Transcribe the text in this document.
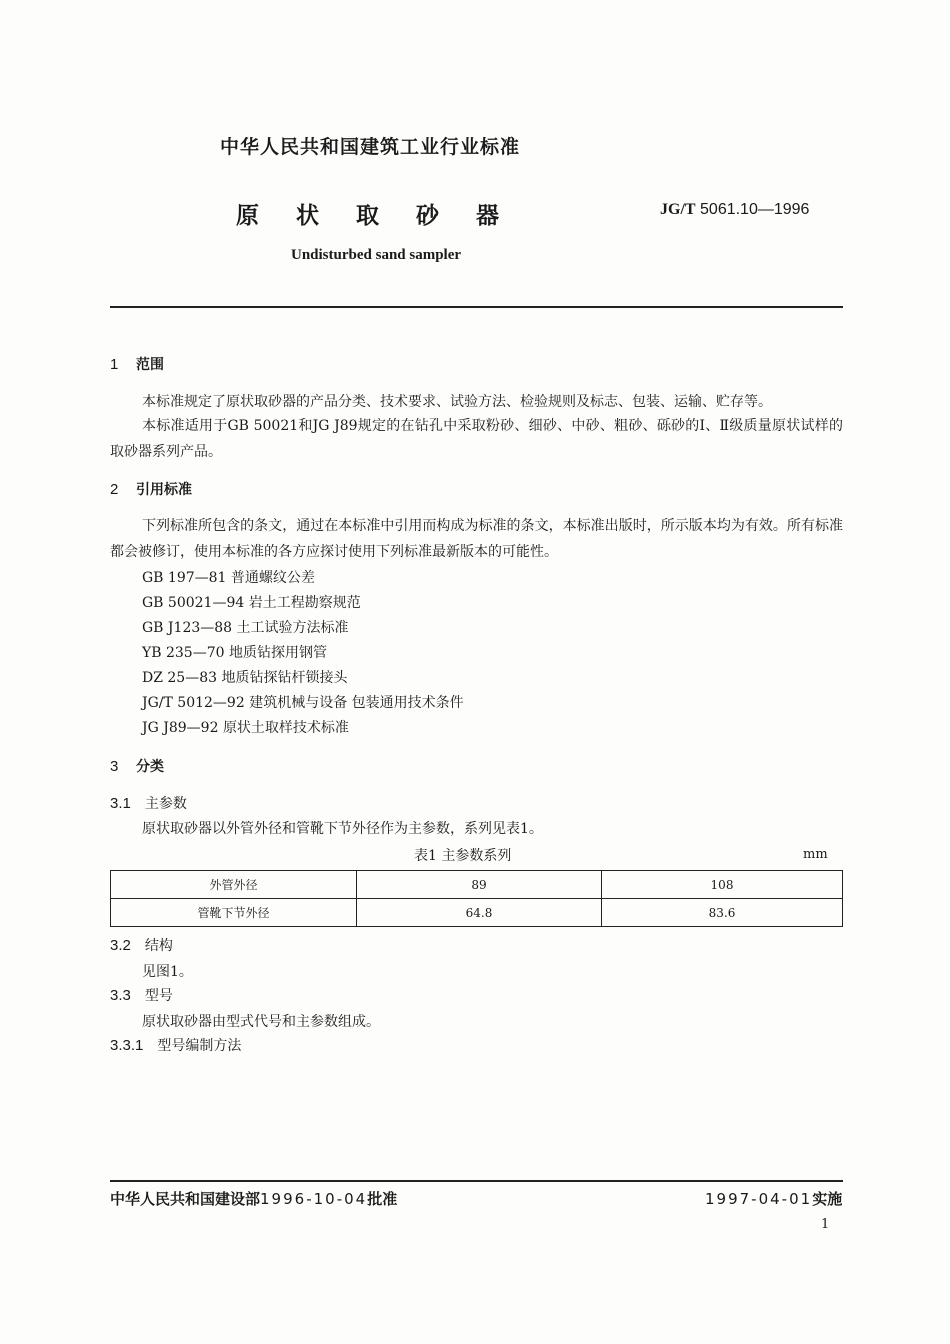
中华人民共和国建筑工业行业标准
原状取砂器	JG/T 5061.10—1996
Undisturbed sand sampler
1 范围
本标准规定了原状取砂器的产品分类、技术要求、试验方法、检验规则及标志、包装、运输、贮存等。
本标准适用于GB 50021和JG J89规定的在钻孔中采取粉砂、细砂、中砂、粗砂、砾砂的Ⅰ、Ⅱ级质量原状试样的取砂器系列产品。
2 引用标准
下列标准所包含的条文，通过在本标准中引用而构成为标准的条文，本标准出版时，所示版本均为有效。所有标准都会被修订，使用本标准的各方应探讨使用下列标准最新版本的可能性。
GB 197—81 普通螺纹公差
GB 50021—94 岩土工程勘察规范
GB J123—88 土工试验方法标准
YB 235—70 地质钻探用钢管
DZ 25—83 地质钻探钻杆锁接头
JG/T 5012—92 建筑机械与设备 包装通用技术条件
JG J89—92 原状土取样技术标准
3 分类
3.1 主参数
原状取砂器以外管外径和管靴下节外径作为主参数，系列见表1。
表1 主参数系列	mm
外管外径	89	108
管靴下节外径	64.8	83.6
3.2 结构
见图1。
3.3 型号
原状取砂器由型式代号和主参数组成。
3.3.1 型号编制方法
中华人民共和国建设部1996-10-04批准	1997-04-01实施
1
